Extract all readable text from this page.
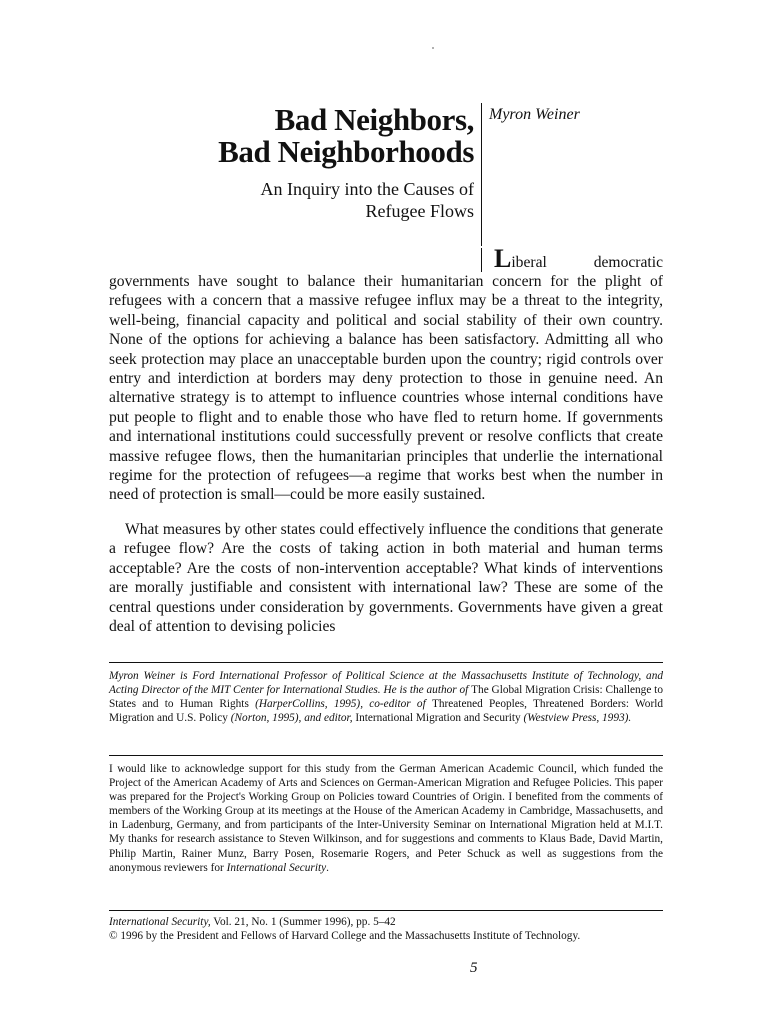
Bad Neighbors,
Bad Neighborhoods
An Inquiry into the Causes of
Refugee Flows
Myron Weiner
Liberal	democratic
governments have sought to balance their humanitarian concern for the plight of refugees with a concern that a massive refugee influx may be a threat to the integrity, well-being, financial capacity and political and social stability of their own country. None of the options for achieving a balance has been satisfactory. Admitting all who seek protection may place an unacceptable burden upon the country; rigid controls over entry and interdiction at borders may deny protection to those in genuine need. An alternative strategy is to attempt to influence countries whose internal conditions have put people to flight and to enable those who have fled to return home. If governments and international institutions could successfully prevent or resolve conflicts that create massive refugee flows, then the humanitarian principles that underlie the international regime for the protection of refugees—a regime that works best when the number in need of protection is small—could be more easily sustained.
What measures by other states could effectively influence the conditions that generate a refugee flow? Are the costs of taking action in both material and human terms acceptable? Are the costs of non-intervention acceptable? What kinds of interventions are morally justifiable and consistent with international law? These are some of the central questions under consideration by governments. Governments have given a great deal of attention to devising policies
Myron Weiner is Ford International Professor of Political Science at the Massachusetts Institute of Technology, and Acting Director of the MIT Center for International Studies. He is the author of The Global Migration Crisis: Challenge to States and to Human Rights (HarperCollins, 1995), co-editor of Threatened Peoples, Threatened Borders: World Migration and U.S. Policy (Norton, 1995), and editor, International Migration and Security (Westview Press, 1993).
I would like to acknowledge support for this study from the German American Academic Council, which funded the Project of the American Academy of Arts and Sciences on German-American Migration and Refugee Policies. This paper was prepared for the Project's Working Group on Policies toward Countries of Origin. I benefited from the comments of members of the Working Group at its meetings at the House of the American Academy in Cambridge, Massachusetts, and in Ladenburg, Germany, and from participants of the Inter-University Seminar on International Migration held at M.I.T. My thanks for research assistance to Steven Wilkinson, and for suggestions and comments to Klaus Bade, David Martin, Philip Martin, Rainer Munz, Barry Posen, Rosemarie Rogers, and Peter Schuck as well as suggestions from the anonymous reviewers for International Security.
International Security, Vol. 21, No. 1 (Summer 1996), pp. 5–42
© 1996 by the President and Fellows of Harvard College and the Massachusetts Institute of Technology.
5
